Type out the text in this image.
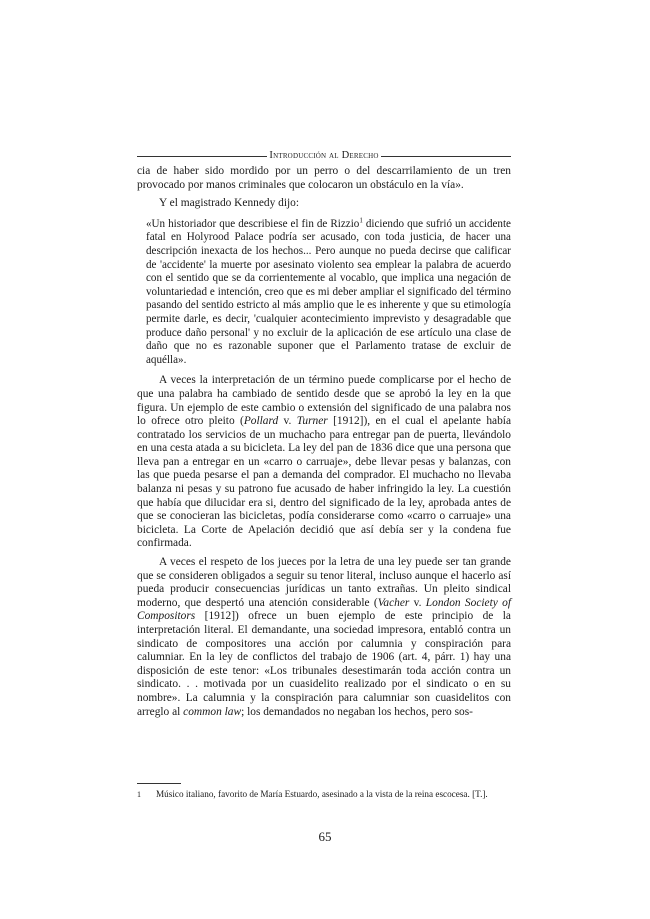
Introducción al Derecho

cia de haber sido mordido por un perro o del descarrilamiento de un tren provocado por manos criminales que colocaron un obstáculo en la vía».

Y el magistrado Kennedy dijo:

«Un historiador que describiese el fin de Rizzio$^1$ diciendo que sufrió un accidente fatal en Holyrood Palace podría ser acusado, con toda justicia, de hacer una descripción inexacta de los hechos... Pero aunque no pueda decirse que calificar de 'accidente' la muerte por asesinato violento sea emplear la palabra de acuerdo con el sentido que se da corrientemente al vocablo, que implica una negación de voluntariedad e intención, creo que es mi deber ampliar el significado del término pasando del sentido estricto al más amplio que le es inherente y que su etimología permite darle, es decir, 'cualquier acontecimiento imprevisto y desagradable que produce daño personal' y no excluir de la aplicación de ese artículo una clase de daño que no es razonable suponer que el Parlamento tratase de excluir de aquélla».

A veces la interpretación de un término puede complicarse por el hecho de que una palabra ha cambiado de sentido desde que se aprobó la ley en la que figura. Un ejemplo de este cambio o extensión del significado de una palabra nos lo ofrece otro pleito (Pollard v. Turner [1912]), en el cual el apelante había contratado los servicios de un muchacho para entregar pan de puerta, llevándolo en una cesta atada a su bicicleta. La ley del pan de 1836 dice que una persona que lleva pan a entregar en un «carro o carruaje», debe llevar pesas y balanzas, con las que pueda pesarse el pan a demanda del comprador. El muchacho no llevaba balanza ni pesas y su patrono fue acusado de haber infringido la ley. La cuestión que había que dilucidar era si, dentro del significado de la ley, aprobada antes de que se conocieran las bicicletas, podía considerarse como «carro o carruaje» una bicicleta. La Corte de Apelación decidió que así debía ser y la condena fue confirmada.

A veces el respeto de los jueces por la letra de una ley puede ser tan grande que se consideren obligados a seguir su tenor literal, incluso aunque el hacerlo así pueda producir consecuencias jurídicas un tanto extrañas. Un pleito sindical moderno, que despertó una atención considerable (Vacher v. London Society of Compositors [1912]) ofrece un buen ejemplo de este principio de la interpretación literal. El demandante, una sociedad impresora, entabló contra un sindicato de compositores una acción por calumnia y conspiración para calumniar. En la ley de conflictos del trabajo de 1906 (art. 4, párr. 1) hay una disposición de este tenor: «Los tribunales desestimarán toda acción contra un sindicato. . . motivada por un cuasidelito realizado por el sindicato o en su nombre». La calumnia y la conspiración para calumniar son cuasidelitos con arreglo al common law; los demandados no negaban los hechos, pero sos-

1	Músico italiano, favorito de María Estuardo, asesinado a la vista de la reina escocesa. [T.].
65
